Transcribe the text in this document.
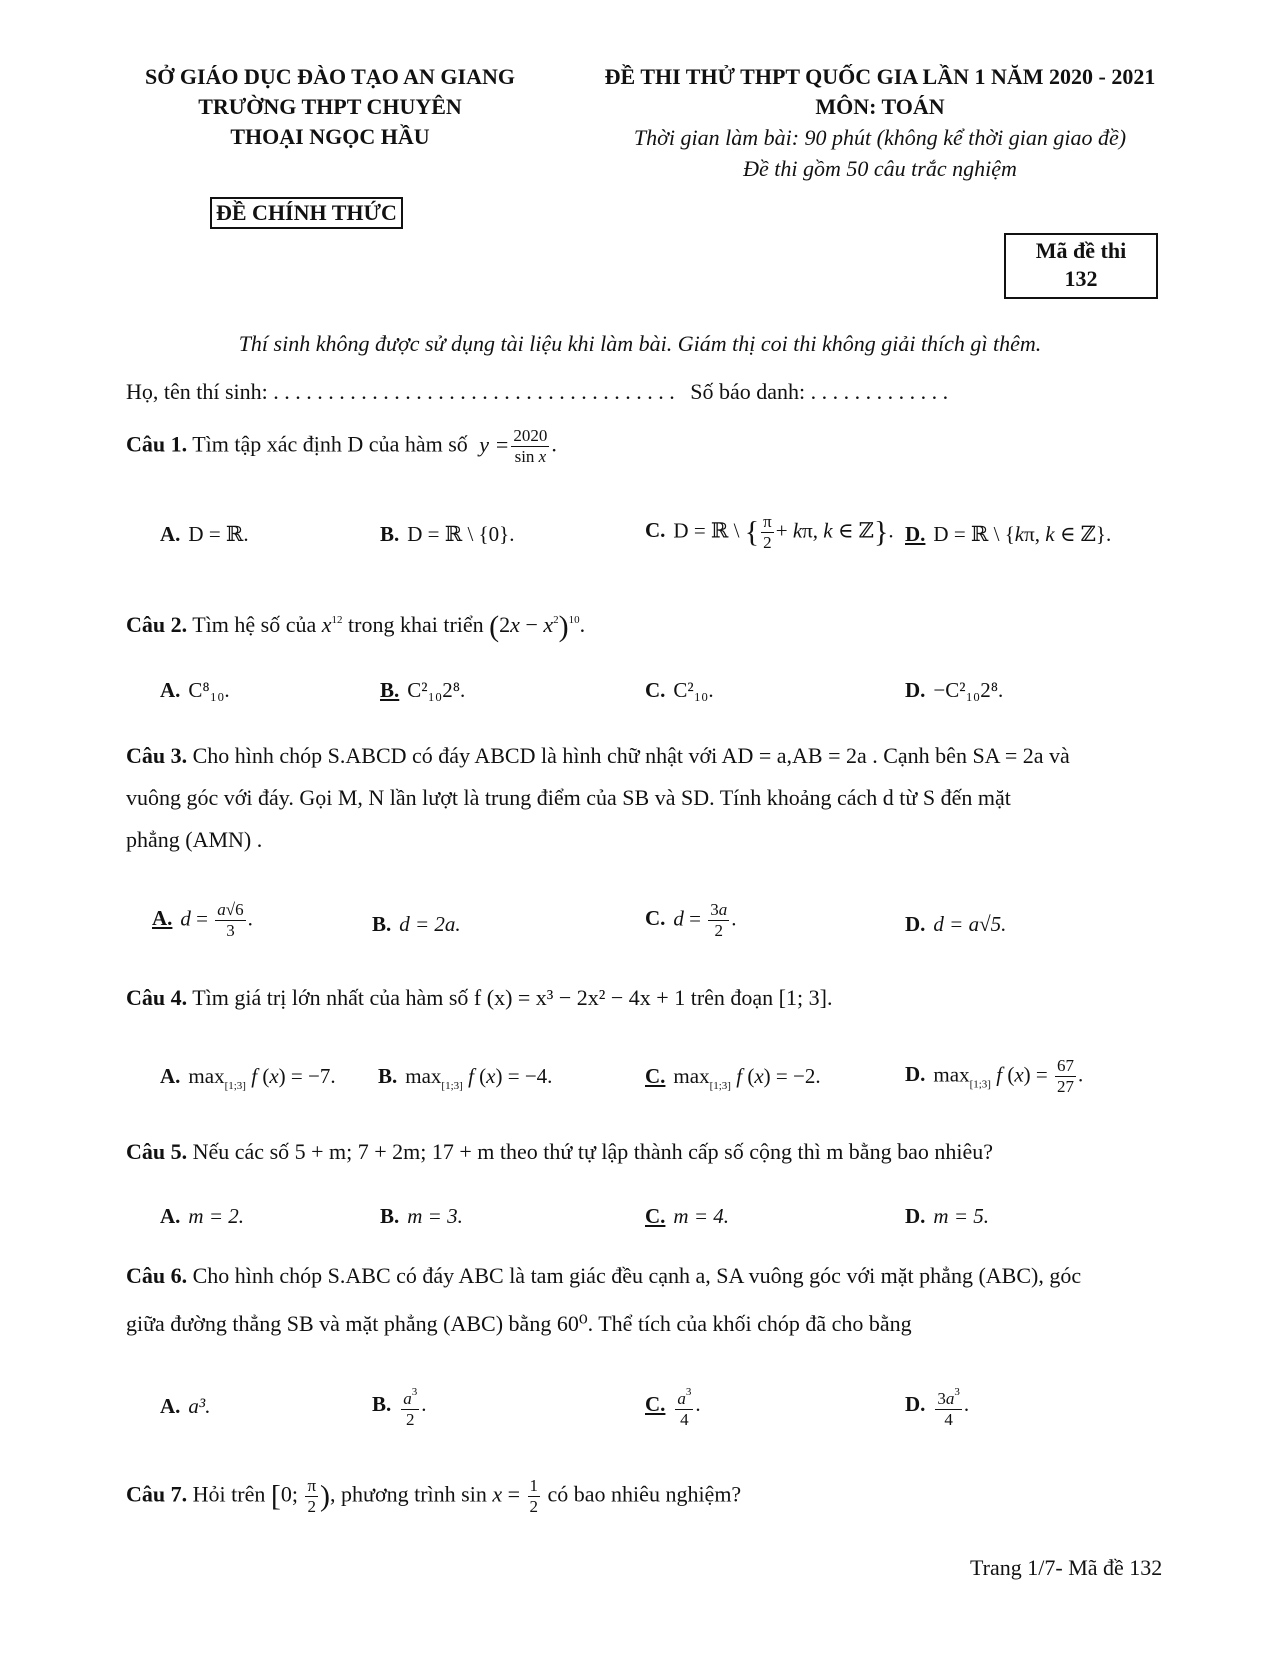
SỞ GIÁO DỤC ĐÀO TẠO AN GIANG
TRƯỜNG THPT CHUYÊN
THOẠI NGỌC HẦU
ĐỀ CHÍNH THỨC
ĐỀ THI THỬ THPT QUỐC GIA LẦN 1 NĂM 2020 - 2021
MÔN: TOÁN
Thời gian làm bài: 90 phút (không kể thời gian giao đề)
Đề thi gồm 50 câu trắc nghiệm
Mã đề thi
132
Thí sinh không được sử dụng tài liệu khi làm bài. Giám thị coi thi không giải thích gì thêm.
Họ, tên thí sinh: . . . . . . . . . . . . . . . . . . . . . . . . . . . . . . . . . . . . . Số báo danh: . . . . . . . . . . . . .
Câu 1. Tìm tập xác định D của hàm số $y = \frac{2020}{\text{sin x}}$ .
A. D = ℝ.	B. D = ℝ \ {0}.	C. D = ℝ \ { $\frac{\pi}{2} + k\pi$, k ∈ ℤ}. D. D = ℝ \ {kπ, k ∈ ℤ}.
Câu 2. Tìm hệ số của $x^{12}$ trong khai triển $(2x - x^2)^{10}$.
A. C⁸₁₀.	B. C²₁₀2⁸.	C. C²₁₀.	D. −C²₁₀2⁸.
Câu 3. Cho hình chóp S.ABCD có đáy ABCD là hình chữ nhật với AD = a,AB = 2a . Cạnh bên SA = 2a và
vuông góc với đáy. Gọi M, N lần lượt là trung điểm của SB và SD. Tính khoảng cách d từ S đến mặt
phẳng (AMN) .
A. $d = \frac{a√6}{3}$ .	B. d = 2a.	C. $d = \frac{3a}{2}$ .	D. d = a√5.
Câu 4. Tìm giá trị lớn nhất của hàm số f (x) = x³ − 2x² − 4x + 1 trên đoạn [1; 3].
A. $\max_{[1;3]} f$ (x) = −7. B. $\max_{[1;3]} f$ (x) = −4.	C. $\max_{[1;3]} f$ (x) = −2.	D. $\max_{[1;3]} f$ $(x) = \frac{67}{27}$ .
Câu 5. Nếu các số 5 + m; 7 + 2m; 17 + m theo thứ tự lập thành cấp số cộng thì m bằng bao nhiêu?
A. m = 2.	B. m = 3.	C. m = 4.	D. m = 5.
Câu 6. Cho hình chóp S.ABC có đáy ABC là tam giác đều cạnh a, SA vuông góc với mặt phẳng (ABC), góc
giữa đường thẳng SB và mặt phẳng (ABC) bằng 60⁰. Thể tích của khối chóp đã cho bằng
A. a³.	B. $\frac{a^3}{2}$ .	C. $\frac{a^3}{4}$ .	D. $\frac{3a^3}{4}$ .
Câu 7. Hỏi trên [0; $\frac{\pi}{2}$ ), phương trình $\sin x = \frac{1}{2}$ có bao nhiêu nghiệm?
Trang 1/7- Mã đề 132
